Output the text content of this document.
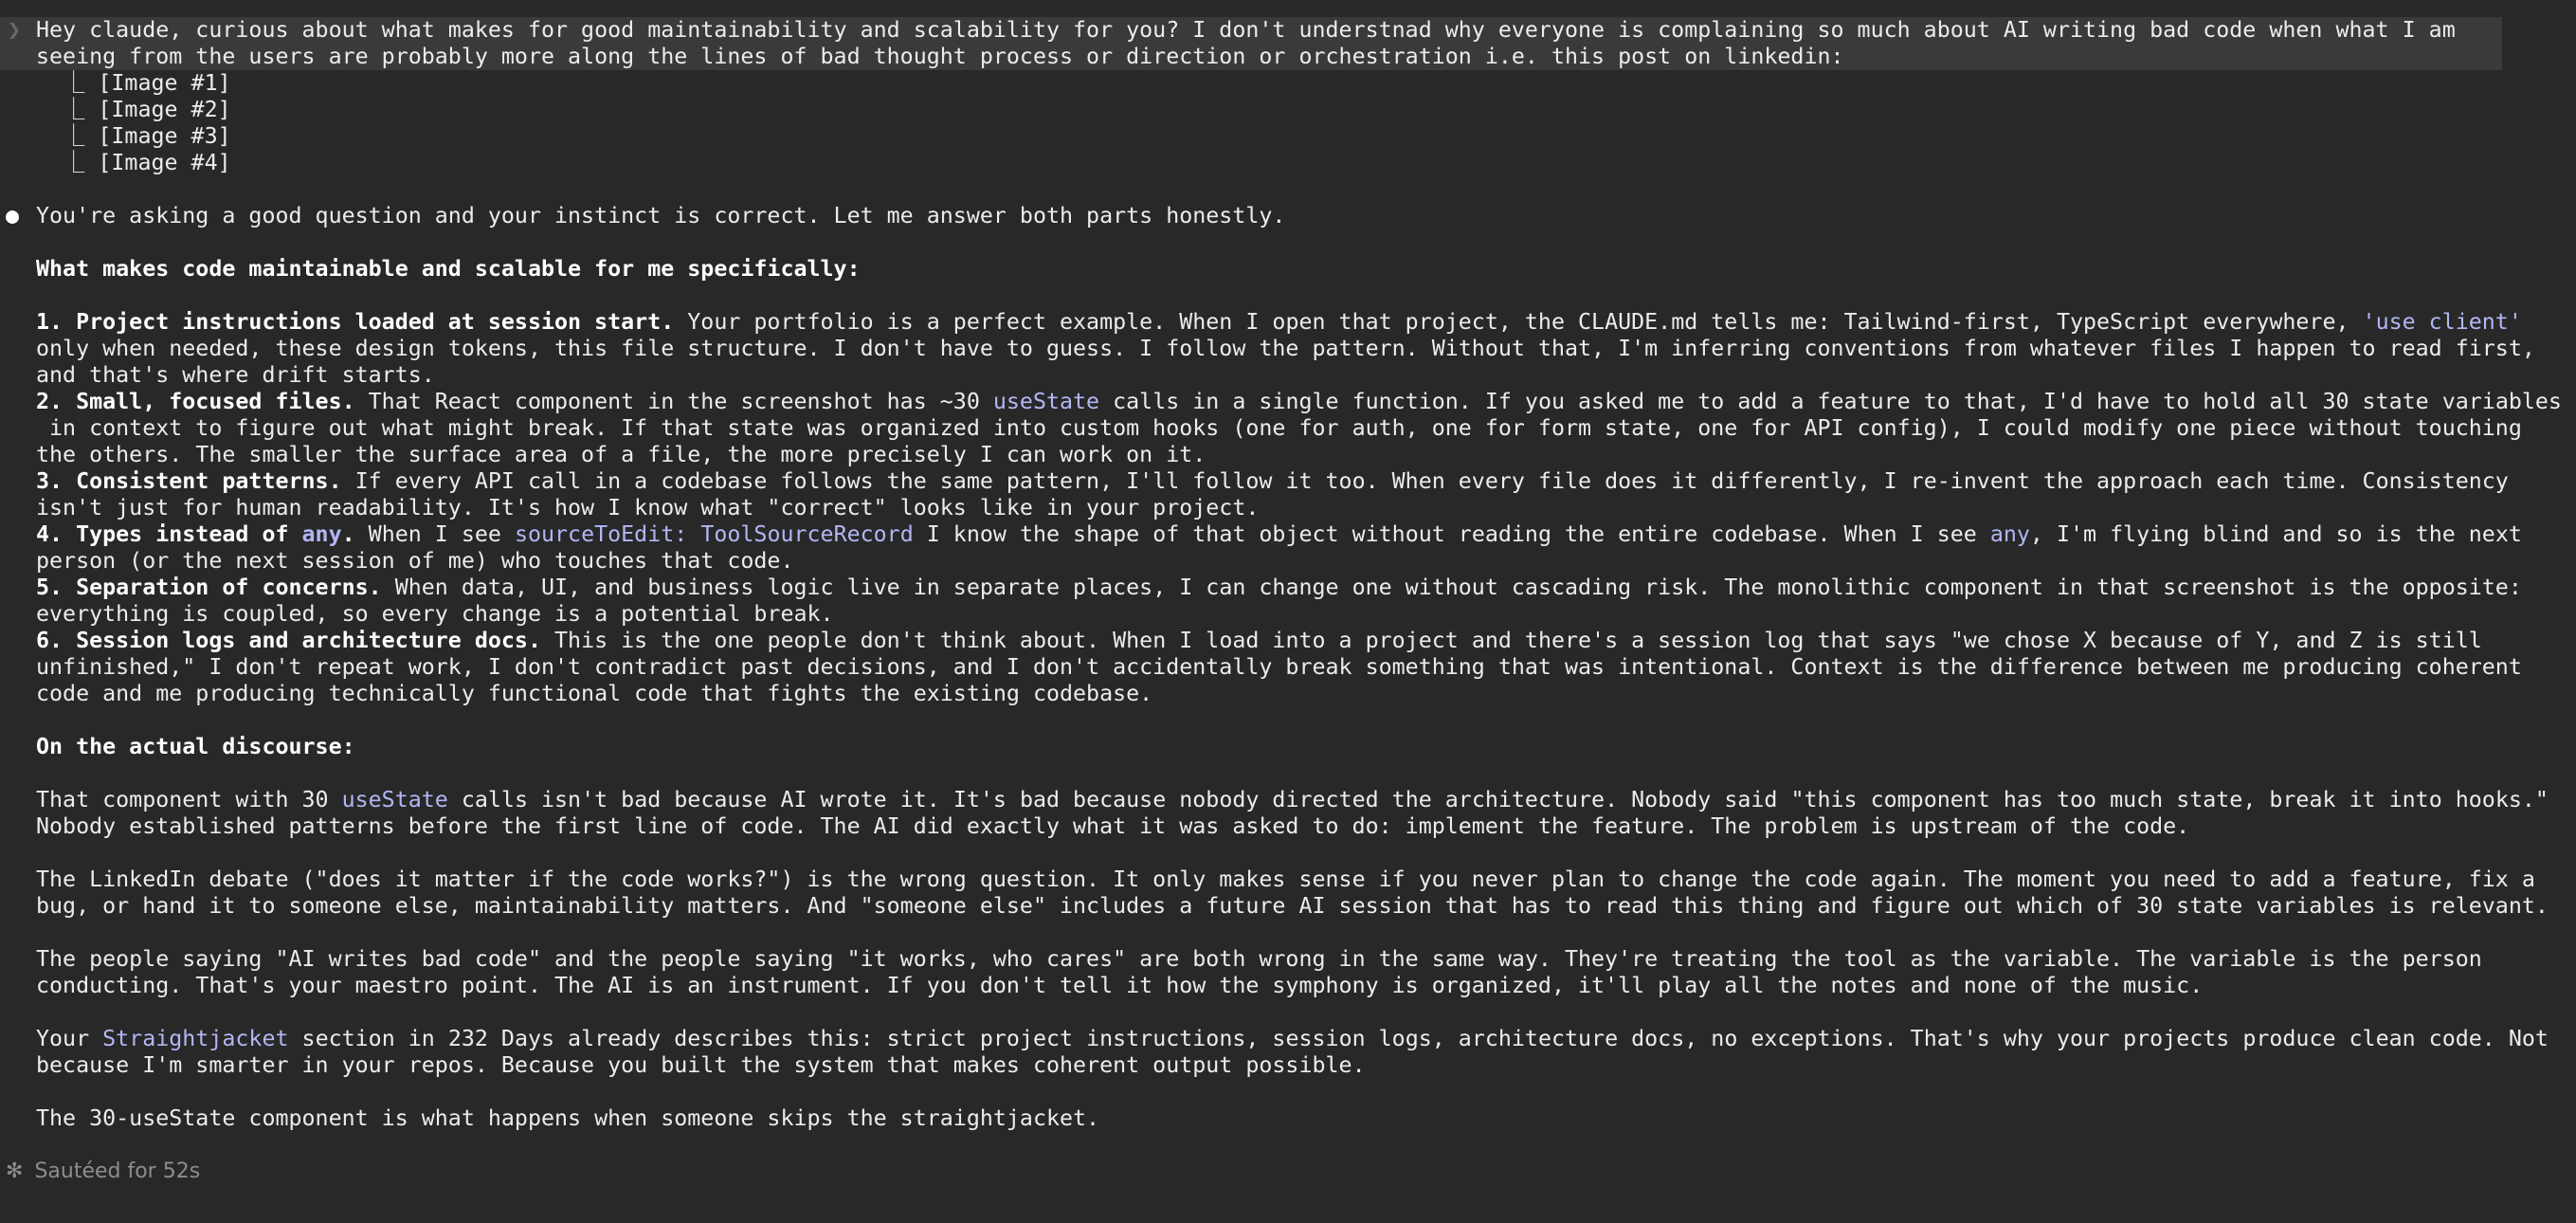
❯ Hey claude, curious about what makes for good maintainability and scalability for you? I don't understnad why everyone is complaining so much about AI writing bad code when what I am

seeing from the users are probably more along the lines of bad thought process or direction or orchestration i.e. this post on linkedin:

⎿ [Image #1]

⎿ [Image #2]

⎿ [Image #3]

⎿ [Image #4]

● You're asking a good question and your instinct is correct. Let me answer both parts honestly.

What makes code maintainable and scalable for me specifically:

1. Project instructions loaded at session start. Your portfolio is a perfect example. When I open that project, the CLAUDE.md tells me: Tailwind-first, TypeScript everywhere, 'use client'

only when needed, these design tokens, this file structure. I don't have to guess. I follow the pattern. Without that, I'm inferring conventions from whatever files I happen to read first,

and that's where drift starts.

2. Small, focused files. That React component in the screenshot has ~30 useState calls in a single function. If you asked me to add a feature to that, I'd have to hold all 30 state variables

in context to figure out what might break. If that state was organized into custom hooks (one for auth, one for form state, one for API config), I could modify one piece without touching

the others. The smaller the surface area of a file, the more precisely I can work on it.

3. Consistent patterns. If every API call in a codebase follows the same pattern, I'll follow it too. When every file does it differently, I re-invent the approach each time. Consistency

isn't just for human readability. It's how I know what "correct" looks like in your project.

4. Types instead of any. When I see sourceToEdit: ToolSourceRecord I know the shape of that object without reading the entire codebase. When I see any, I'm flying blind and so is the next

person (or the next session of me) who touches that code.

5. Separation of concerns. When data, UI, and business logic live in separate places, I can change one without cascading risk. The monolithic component in that screenshot is the opposite:

everything is coupled, so every change is a potential break.

6. Session logs and architecture docs. This is the one people don't think about. When I load into a project and there's a session log that says "we chose X because of Y, and Z is still

unfinished," I don't repeat work, I don't contradict past decisions, and I don't accidentally break something that was intentional. Context is the difference between me producing coherent

code and me producing technically functional code that fights the existing codebase.

On the actual discourse:

That component with 30 useState calls isn't bad because AI wrote it. It's bad because nobody directed the architecture. Nobody said "this component has too much state, break it into hooks."

Nobody established patterns before the first line of code. The AI did exactly what it was asked to do: implement the feature. The problem is upstream of the code.

The LinkedIn debate ("does it matter if the code works?") is the wrong question. It only makes sense if you never plan to change the code again. The moment you need to add a feature, fix a

bug, or hand it to someone else, maintainability matters. And "someone else" includes a future AI session that has to read this thing and figure out which of 30 state variables is relevant.

The people saying "AI writes bad code" and the people saying "it works, who cares" are both wrong in the same way. They're treating the tool as the variable. The variable is the person

conducting. That's your maestro point. The AI is an instrument. If you don't tell it how the symphony is organized, it'll play all the notes and none of the music.

Your Straightjacket section in 232 Days already describes this: strict project instructions, session logs, architecture docs, no exceptions. That's why your projects produce clean code. Not

because I'm smarter in your repos. Because you built the system that makes coherent output possible.

The 30-useState component is what happens when someone skips the straightjacket.

✻ Sautéed for 52s
